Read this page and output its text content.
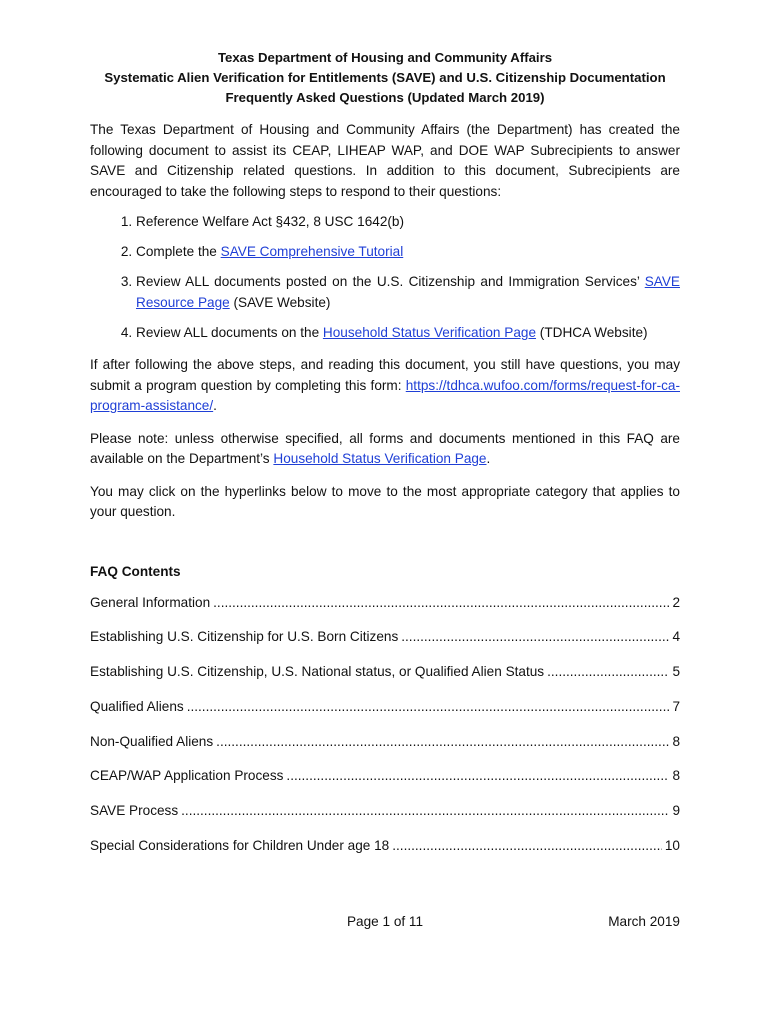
Texas Department of Housing and Community Affairs
Systematic Alien Verification for Entitlements (SAVE) and U.S. Citizenship Documentation
Frequently Asked Questions (Updated March 2019)

The Texas Department of Housing and Community Affairs (the Department) has created the following document to assist its CEAP, LIHEAP WAP, and DOE WAP Subrecipients to answer SAVE and Citizenship related questions. In addition to this document, Subrecipients are encouraged to take the following steps to respond to their questions:

1. Reference Welfare Act §432, 8 USC 1642(b)
2. Complete the SAVE Comprehensive Tutorial
3. Review ALL documents posted on the U.S. Citizenship and Immigration Services’ SAVE Resource Page (SAVE Website)
4. Review ALL documents on the Household Status Verification Page (TDHCA Website)

If after following the above steps, and reading this document, you still have questions, you may submit a program question by completing this form: https://tdhca.wufoo.com/forms/request-for-ca-program-assistance/.

Please note: unless otherwise specified, all forms and documents mentioned in this FAQ are available on the Department’s Household Status Verification Page.

You may click on the hyperlinks below to move to the most appropriate category that applies to your question.

FAQ Contents
General Information .....	2
Establishing U.S. Citizenship for U.S. Born Citizens .....	4
Establishing U.S. Citizenship, U.S. National status, or Qualified Alien Status .....	5
Qualified Aliens .....	7
Non-Qualified Aliens .....	8
CEAP/WAP Application Process .....	8
SAVE Process .....	9
Special Considerations for Children Under age 18 .....	10
Page 1 of 11	March 2019
